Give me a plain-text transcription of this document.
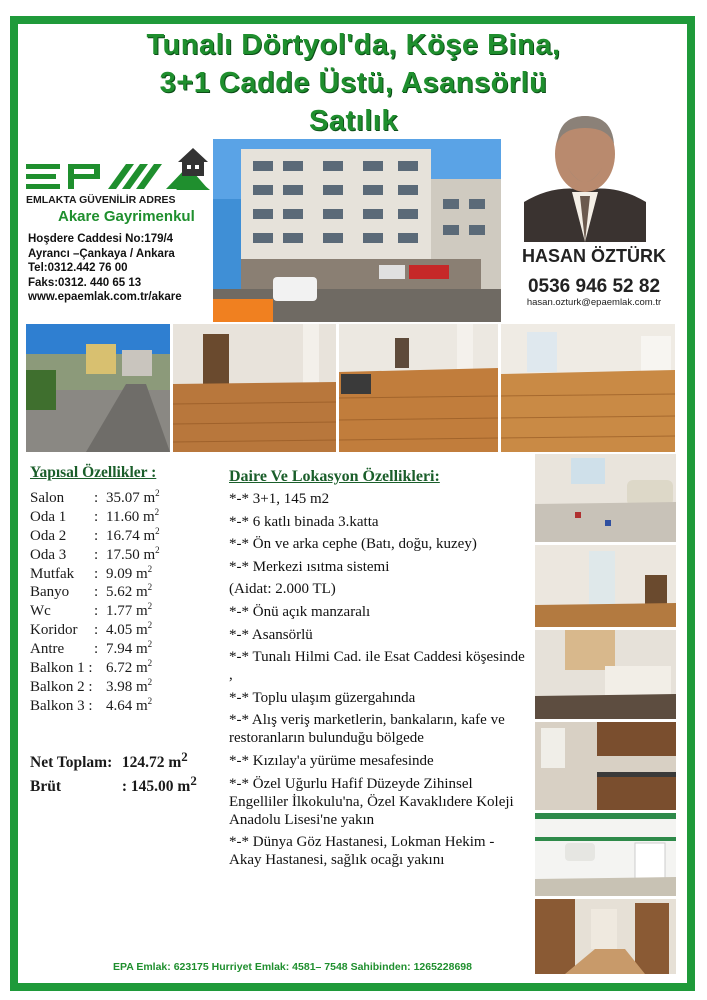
Tunalı Dörtyol'da, Köşe Bina,
3+1 Cadde Üstü, Asansörlü
Satılık
EMLAKTA GÜVENİLİR ADRES
Akare Gayrimenkul
Hoşdere Caddesi No:179/4
Ayrancı –Çankaya / Ankara
Tel:0312.442 76 00
Faks:0312. 440 65 13
www.epaemlak.com.tr/akare
HASAN ÖZTÜRK
0536 946 52 82
hasan.ozturk@epaemlak.com.tr
Yapısal Özellikler :
Salon : 35.07 $m^2$
Oda 1 : 11.60 $m^2$
Oda 2 : 16.74 $m^2$
Oda 3 : 17.50 $m^2$
Mutfak : 9.09 $m^2$
Banyo : 5.62 $m^2$
Wc	: 1.77 $m^2$
Koridor : 4.05 $m^2$
Antre : 7.94 $m^2$
Balkon 1 : 6.72 $m^2$
Balkon 2 : 3.98 $m^2$
Balkon 3 : 4.64 $m^2$
Net Toplam: 124.72 $m^2$
Brüt	: 145.00 $m^2$
Daire Ve Lokasyon Özellikleri:
*-* 3+1, 145 m2
*-* 6 katlı binada 3.katta
*-* Ön ve arka cephe (Batı, doğu, kuzey)
*-* Merkezi ısıtma sistemi
(Aidat: 2.000 TL)
*-* Önü açık manzaralı
*-* Asansörlü
*-* Tunalı Hilmi Cad. ile Esat Caddesi köşesinde ,
*-* Toplu ulaşım güzergahında
*-* Alış veriş marketlerin, bankaların, kafe ve restoranların bulunduğu bölgede
*-* Kızılay'a yürüme mesafesinde
*-* Özel Uğurlu Hafif Düzeyde Zihinsel Engelliler İlkokulu'na, Özel Kavaklıdere Koleji Anadolu Lisesi'ne yakın
*-* Dünya Göz Hastanesi, Lokman Hekim - Akay Hastanesi, sağlık ocağı yakını
EPA Emlak: 623175 Hurriyet Emlak: 4581– 7548 Sahibinden: 1265228698
